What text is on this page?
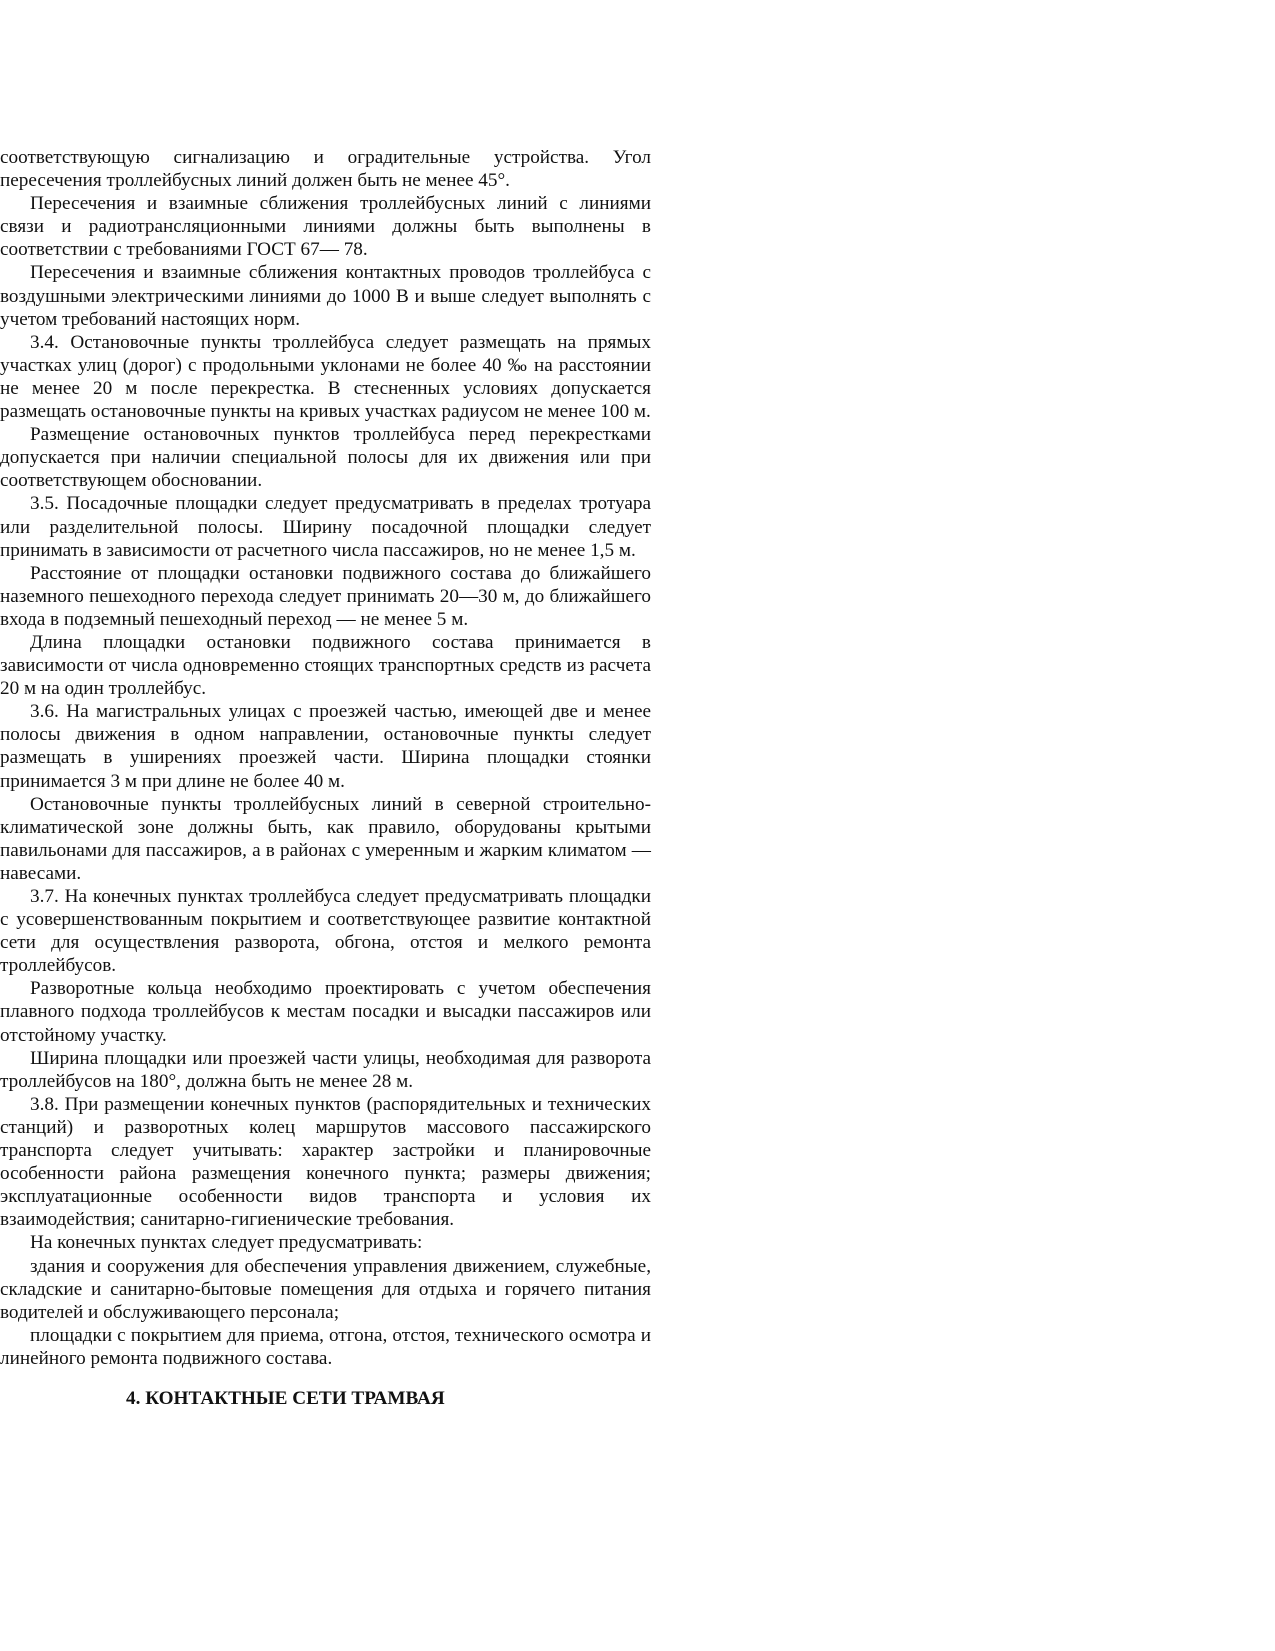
соответствующую сигнализацию и оградительные устройства. Угол пересечения троллейбусных линий должен быть не менее 45°.

Пересечения и взаимные сближения троллейбусных линий с линиями связи и радиотрансляционными линиями должны быть выполнены в соответствии с требованиями ГОСТ 67— 78.

Пересечения и взаимные сближения контактных проводов троллейбуса с воздушными электрическими линиями до 1000 В и выше следует выполнять с учетом требований настоящих норм.

3.4. Остановочные пункты троллейбуса следует размещать на прямых участках улиц (дорог) с продольными уклонами не более 40 ‰ на расстоянии не менее 20 м после перекрестка. В стесненных условиях допускается размещать остановочные пункты на кривых участках радиусом не менее 100 м.

Размещение остановочных пунктов троллейбуса перед перекрестками допускается при наличии специальной полосы для их движения или при соответствующем обосновании.

3.5. Посадочные площадки следует предусматривать в пределах тротуара или разделительной полосы. Ширину посадочной площадки следует принимать в зависимости от расчетного числа пассажиров, но не менее 1,5 м.

Расстояние от площадки остановки подвижного состава до ближайшего наземного пешеходного перехода следует принимать 20—30 м, до ближайшего входа в подземный пешеходный переход — не менее 5 м.

Длина площадки остановки подвижного состава принимается в зависимости от числа одновременно стоящих транспортных средств из расчета 20 м на один троллейбус.

3.6. На магистральных улицах с проезжей частью, имеющей две и менее полосы движения в одном направлении, остановочные пункты следует размещать в уширениях проезжей части. Ширина площадки стоянки принимается 3 м при длине не более 40 м.

Остановочные пункты троллейбусных линий в северной строительно-климатической зоне должны быть, как правило, оборудованы крытыми павильонами для пассажиров, а в районах с умеренным и жарким климатом — навесами.

3.7. На конечных пунктах троллейбуса следует предусматривать площадки с усовершенствованным покрытием и соответствующее развитие контактной сети для осуществления разворота, обгона, отстоя и мелкого ремонта троллейбусов.

Разворотные кольца необходимо проектировать с учетом обеспечения плавного подхода троллейбусов к местам посадки и высадки пассажиров или отстойному участку.

Ширина площадки или проезжей части улицы, необходимая для разворота троллейбусов на 180°, должна быть не менее 28 м.

3.8. При размещении конечных пунктов (распорядительных и технических станций) и разворотных колец маршрутов массового пассажирского транспорта следует учитывать: характер застройки и планировочные особенности района размещения конечного пункта; размеры движения; эксплуатационные особенности видов транспорта и условия их взаимодействия; санитарно-гигиенические требования.

На конечных пунктах следует предусматривать:

здания и сооружения для обеспечения управления движением, служебные, складские и санитарно-бытовые помещения для отдыха и горячего питания водителей и обслуживающего персонала;

площадки с покрытием для приема, отгона, отстоя, технического осмотра и линейного ремонта подвижного состава.

4. КОНТАКТНЫЕ СЕТИ ТРАМВАЯ
